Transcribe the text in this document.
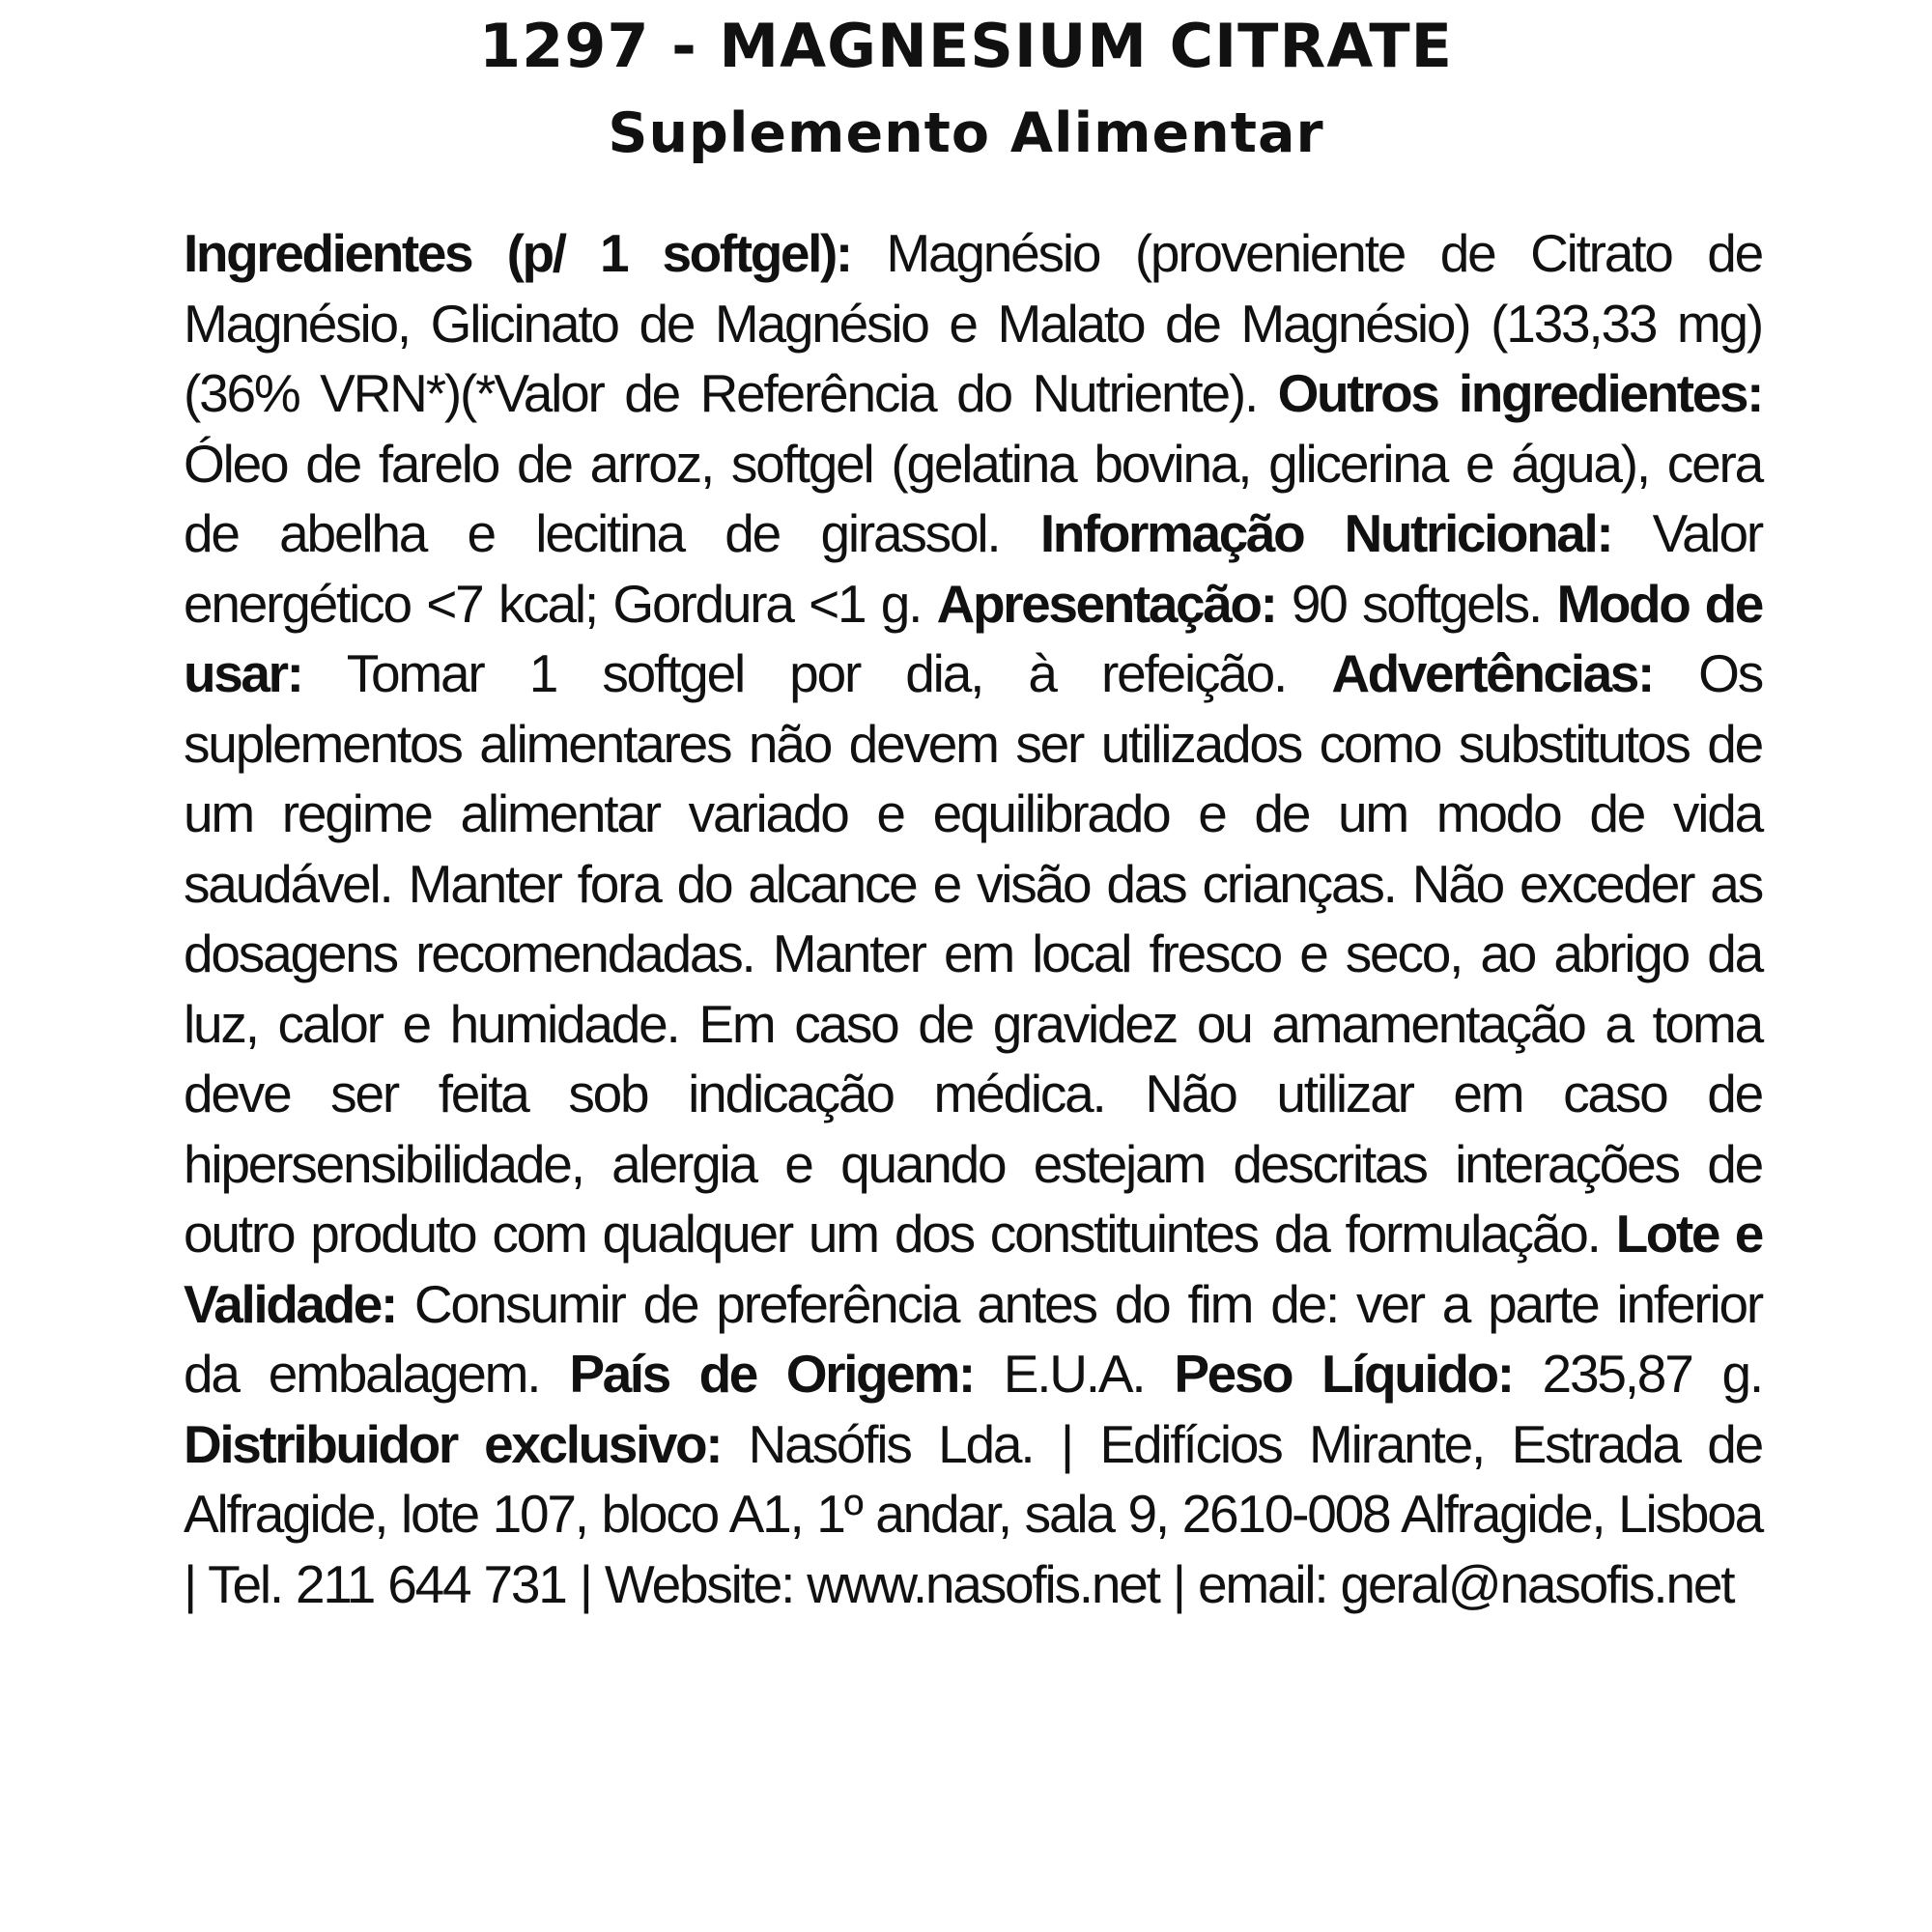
1297 - MAGNESIUM CITRATE
Suplemento Alimentar
Ingredientes (p/ 1 softgel): Magnésio (proveniente de Citrato de Magnésio, Glicinato de Magnésio e Malato de Magnésio) (133,33 mg) (36% VRN*)(*Valor de Referência do Nutriente). Outros ingredientes: Óleo de farelo de arroz, softgel (gelatina bovina, glicerina e água), cera de abelha e lecitina de girassol. Informação Nutricional: Valor energético <7 kcal; Gordura <1 g. Apresentação: 90 softgels. Modo de usar: Tomar 1 softgel por dia, à refeição. Advertências: Os suplementos alimentares não devem ser utilizados como substitutos de um regime alimentar variado e equilibrado e de um modo de vida saudável. Manter fora do alcance e visão das crianças. Não exceder as dosagens recomendadas. Manter em local fresco e seco, ao abrigo da luz, calor e humidade. Em caso de gravidez ou amamentação a toma deve ser feita sob indicação médica. Não utilizar em caso de hipersensibilidade, alergia e quando estejam descritas interações de outro produto com qualquer um dos constituintes da formulação. Lote e Validade: Consumir de preferência antes do fim de: ver a parte inferior da embalagem. País de Origem: E.U.A. Peso Líquido: 235,87 g. Distribuidor exclusivo: Nasófis Lda. | Edifícios Mirante, Estrada de Alfragide, lote 107, bloco A1, 1º andar, sala 9, 2610-008 Alfragide, Lisboa | Tel. 211 644 731 | Website: www.nasofis.net | email: geral@nasofis.net
